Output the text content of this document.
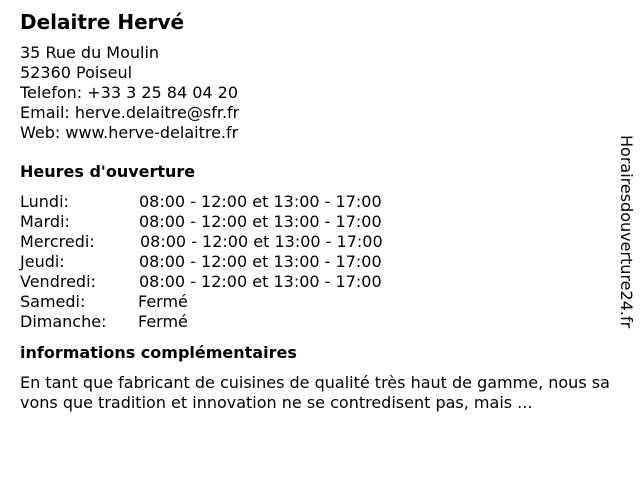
Delaitre Hervé
35 Rue du Moulin
52360 Poiseul
Telefon: +33 3 25 84 04 20
Email: herve.delaitre@sfr.fr
Web: www.herve-delaitre.fr
Heures d'ouverture
Lundi:	08:00 - 12:00 et 13:00 - 17:00
Mardi:	08:00 - 12:00 et 13:00 - 17:00
Mercredi:	08:00 - 12:00 et 13:00 - 17:00
Jeudi:	08:00 - 12:00 et 13:00 - 17:00
Vendredi:	08:00 - 12:00 et 13:00 - 17:00
Samedi:	Fermé
Dimanche: Fermé
informations complémentaires
En tant que fabricant de cuisines de qualité très haut de gamme, nous savons que tradition et innovation ne se contredisent pas, mais ...
Horairesdouverture24.fr
